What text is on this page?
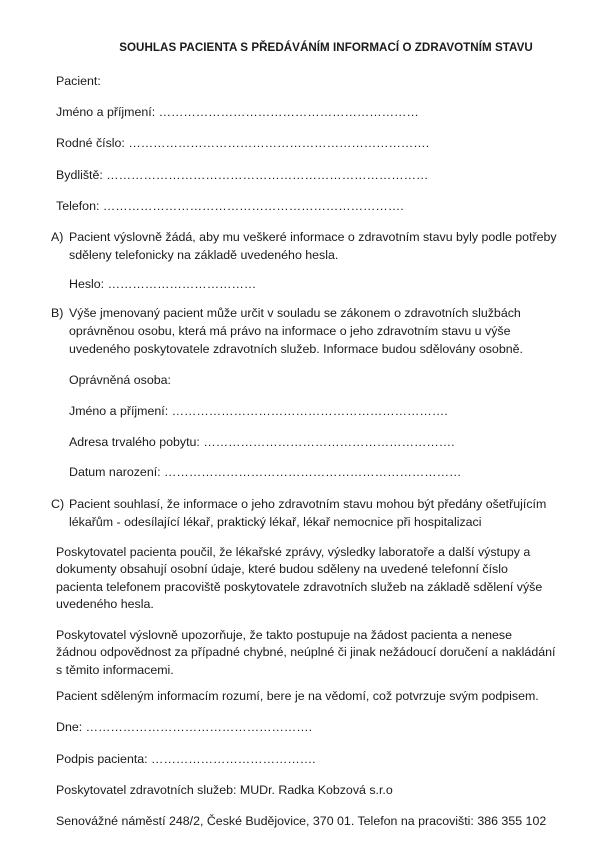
SOUHLAS PACIENTA S PŘEDÁVÁNÍM INFORMACÍ O ZDRAVOTNÍM STAVU
Pacient:
Jméno a příjmení: ………………………………………………………
Rodné číslo: ……………………………………………………………….
Bydliště: ……………………………………………………………………
Telefon: ……………………………………………………………….
A) Pacient výslovně žádá, aby mu veškeré informace o zdravotním stavu byly podle potřeby sděleny telefonicky na základě uvedeného hesla.
Heslo: ………………………………
B) Výše jmenovaný pacient může určit v souladu se zákonem o zdravotních službách oprávněnou osobu, která má právo na informace o jeho zdravotním stavu u výše uvedeného poskytovatele zdravotních služeb. Informace budou sdělovány osobně.
Oprávněná osoba:
Jméno a příjmení: ………………………………………………………….
Adresa trvalého pobytu: …………………………………………………….
Datum narození: ………………………………………………………………
C) Pacient souhlasí, že informace o jeho zdravotním stavu mohou být předány ošetřujícím lékařům - odesílající lékař, praktický lékař, lékař nemocnice při hospitalizaci
Poskytovatel pacienta poučil, že lékařské zprávy, výsledky laboratoře a další výstupy a dokumenty obsahují osobní údaje, které budou sděleny na uvedené telefonní číslo pacienta telefonem pracoviště poskytovatele zdravotních služeb na základě sdělení výše uvedeného hesla.
Poskytovatel výslovně upozorňuje, že takto postupuje na žádost pacienta a nenese žádnou odpovědnost za případné chybné, neúplné či jinak nežádoucí doručení a nakládání s těmito informacemi.
Pacient sděleným informacím rozumí, bere je na vědomí, což potvrzuje svým podpisem.
Dne: ……………………………………………….
Podpis pacienta: ………………………………….
Poskytovatel zdravotních služeb: MUDr. Radka Kobzová s.r.o
Senovážné náměstí 248/2, České Budějovice, 370 01. Telefon na pracovišti: 386 355 102
